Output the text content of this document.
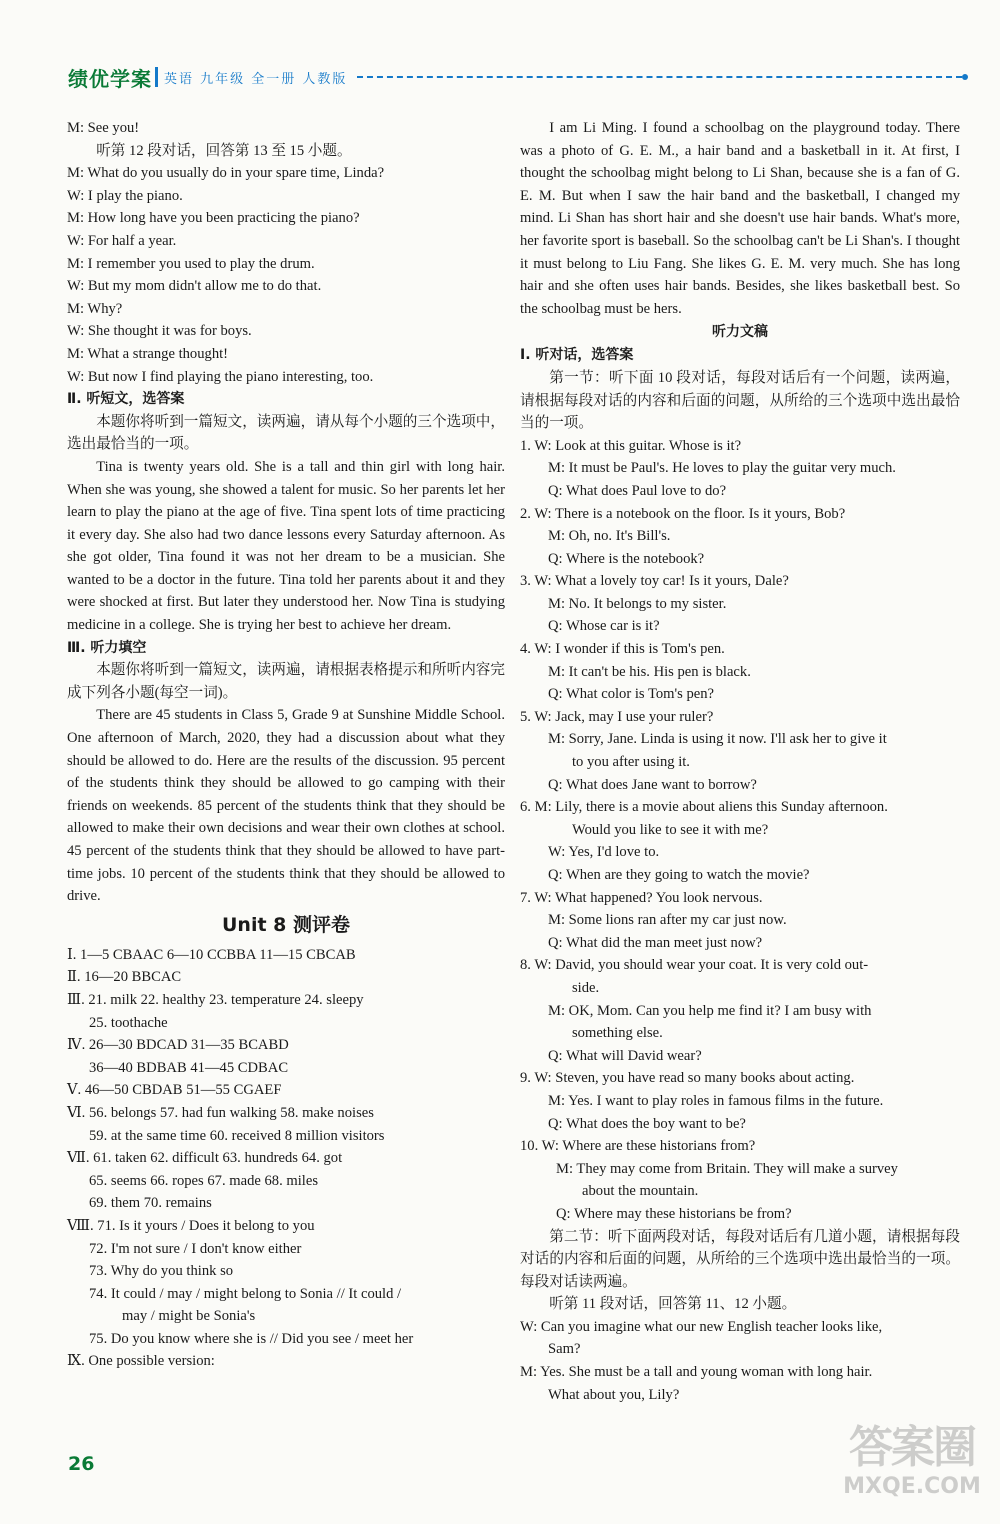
绩优学案 英语 九年级 全一册 人教版
M: See you!
听第 12 段对话，回答第 13 至 15 小题。
M: What do you usually do in your spare time, Linda?
W: I play the piano.
M: How long have you been practicing the piano?
W: For half a year.
M: I remember you used to play the drum.
W: But my mom didn't allow me to do that.
M: Why?
W: She thought it was for boys.
M: What a strange thought!
W: But now I find playing the piano interesting, too.
Ⅱ. 听短文，选答案
本题你将听到一篇短文，读两遍，请从每个小题的三个选项中，选出最恰当的一项。
Tina is twenty years old. She is a tall and thin girl with long hair. When she was young, she showed a talent for music. So her parents let her learn to play the piano at the age of five. Tina spent lots of time practicing it every day. She also had two dance lessons every Saturday afternoon. As she got older, Tina found it was not her dream to be a musician. She wanted to be a doctor in the future. Tina told her parents about it and they were shocked at first. But later they understood her. Now Tina is studying medicine in a college. She is trying her best to achieve her dream.
Ⅲ. 听力填空
本题你将听到一篇短文，读两遍，请根据表格提示和所听内容完成下列各小题(每空一词)。
There are 45 students in Class 5, Grade 9 at Sunshine Middle School. One afternoon of March, 2020, they had a discussion about what they should be allowed to do. Here are the results of the discussion. 95 percent of the students think they should be allowed to go camping with their friends on weekends. 85 percent of the students think that they should be allowed to make their own decisions and wear their own clothes at school. 45 percent of the students think that they should be allowed to have part-time jobs. 10 percent of the students think that they should be allowed to drive.
Unit 8 测评卷
Ⅰ. 1—5 CBAAC 6—10 CCBBA 11—15 CBCAB
Ⅱ. 16—20 BBCAC
Ⅲ. 21. milk 22. healthy 23. temperature 24. sleepy
25. toothache
Ⅳ. 26—30 BDCAD 31—35 BCABD
36—40 BDBAB 41—45 CDBAC
Ⅴ. 46—50 CBDAB 51—55 CGAEF
Ⅵ. 56. belongs 57. had fun walking 58. make noises
59. at the same time 60. received 8 million visitors
Ⅶ. 61. taken 62. difficult 63. hundreds 64. got
65. seems 66. ropes 67. made 68. miles
69. them 70. remains
Ⅷ. 71. Is it yours / Does it belong to you
72. I'm not sure / I don't know either
73. Why do you think so
74. It could / may / might belong to Sonia // It could /
may / might be Sonia's
75. Do you know where she is // Did you see / meet her
Ⅸ. One possible version:
I am Li Ming. I found a schoolbag on the playground today. There was a photo of G. E. M., a hair band and a basketball in it. At first, I thought the schoolbag might belong to Li Shan, because she is a fan of G. E. M. But when I saw the hair band and the basketball, I changed my mind. Li Shan has short hair and she doesn't use hair bands. What's more, her favorite sport is baseball. So the schoolbag can't be Li Shan's. I thought it must belong to Liu Fang. She likes G. E. M. very much. She has long hair and she often uses hair bands. Besides, she likes basketball best. So the schoolbag must be hers.
听力文稿
Ⅰ. 听对话，选答案
第一节：听下面 10 段对话，每段对话后有一个问题，读两遍，请根据每段对话的内容和后面的问题，从所给的三个选项中选出最恰当的一项。
1. W: Look at this guitar. Whose is it?
M: It must be Paul's. He loves to play the guitar very much.
Q: What does Paul love to do?
2. W: There is a notebook on the floor. Is it yours, Bob?
M: Oh, no. It's Bill's.
Q: Where is the notebook?
3. W: What a lovely toy car! Is it yours, Dale?
M: No. It belongs to my sister.
Q: Whose car is it?
4. W: I wonder if this is Tom's pen.
M: It can't be his. His pen is black.
Q: What color is Tom's pen?
5. W: Jack, may I use your ruler?
M: Sorry, Jane. Linda is using it now. I'll ask her to give it
to you after using it.
Q: What does Jane want to borrow?
6. M: Lily, there is a movie about aliens this Sunday afternoon.
Would you like to see it with me?
W: Yes, I'd love to.
Q: When are they going to watch the movie?
7. W: What happened? You look nervous.
M: Some lions ran after my car just now.
Q: What did the man meet just now?
8. W: David, you should wear your coat. It is very cold out-
side.
M: OK, Mom. Can you help me find it? I am busy with
something else.
Q: What will David wear?
9. W: Steven, you have read so many books about acting.
M: Yes. I want to play roles in famous films in the future.
Q: What does the boy want to be?
10. W: Where are these historians from?
M: They may come from Britain. They will make a survey
about the mountain.
Q: Where may these historians be from?
第二节：听下面两段对话，每段对话后有几道小题，请根据每段对话的内容和后面的问题，从所给的三个选项中选出最恰当的一项。每段对话读两遍。
听第 11 段对话，回答第 11、12 小题。
W: Can you imagine what our new English teacher looks like,
Sam?
M: Yes. She must be a tall and young woman with long hair.
What about you, Lily?
26	答案圈
MXQE.COM
